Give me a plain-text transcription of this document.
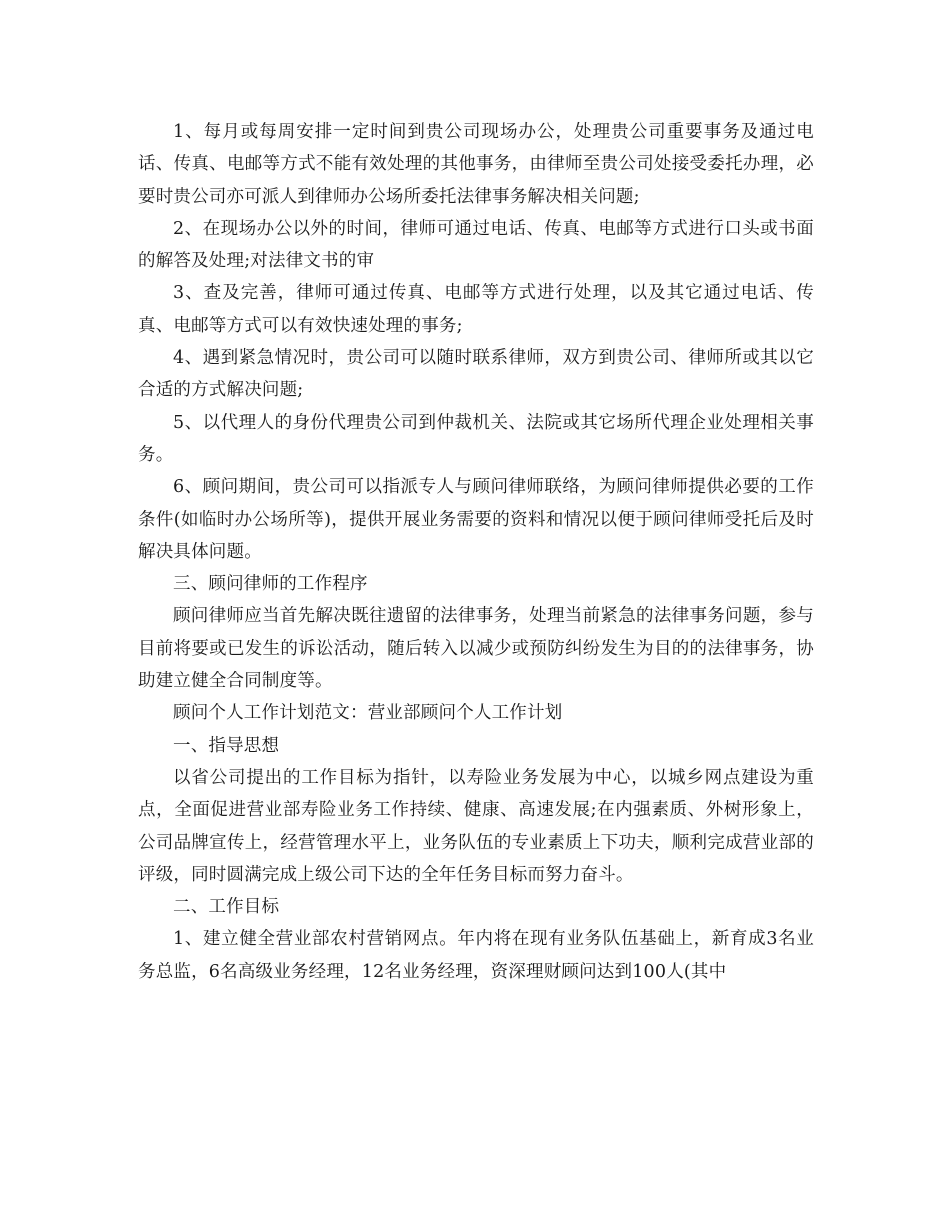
1、每月或每周安排一定时间到贵公司现场办公，处理贵公司重要事务及通过电话、传真、电邮等方式不能有效处理的其他事务，由律师至贵公司处接受委托办理，必要时贵公司亦可派人到律师办公场所委托法律事务解决相关问题;

2、在现场办公以外的时间，律师可通过电话、传真、电邮等方式进行口头或书面的解答及处理;对法律文书的审

3、查及完善，律师可通过传真、电邮等方式进行处理，以及其它通过电话、传真、电邮等方式可以有效快速处理的事务;

4、遇到紧急情况时，贵公司可以随时联系律师，双方到贵公司、律师所或其以它合适的方式解决问题;

5、以代理人的身份代理贵公司到仲裁机关、法院或其它场所代理企业处理相关事务。

6、顾问期间，贵公司可以指派专人与顾问律师联络，为顾问律师提供必要的工作条件(如临时办公场所等)，提供开展业务需要的资料和情况以便于顾问律师受托后及时解决具体问题。

三、顾问律师的工作程序

顾问律师应当首先解决既往遗留的法律事务，处理当前紧急的法律事务问题，参与目前将要或已发生的诉讼活动，随后转入以减少或预防纠纷发生为目的的法律事务，协助建立健全合同制度等。

顾问个人工作计划范文：营业部顾问个人工作计划

一、指导思想

以省公司提出的工作目标为指针，以寿险业务发展为中心，以城乡网点建设为重点，全面促进营业部寿险业务工作持续、健康、高速发展;在内强素质、外树形象上，公司品牌宣传上，经营管理水平上，业务队伍的专业素质上下功夫，顺利完成营业部的评级，同时圆满完成上级公司下达的全年任务目标而努力奋斗。

二、工作目标

1、建立健全营业部农村营销网点。年内将在现有业务队伍基础上，新育成3名业务总监，6名高级业务经理，12名业务经理，资深理财顾问达到100人(其中
